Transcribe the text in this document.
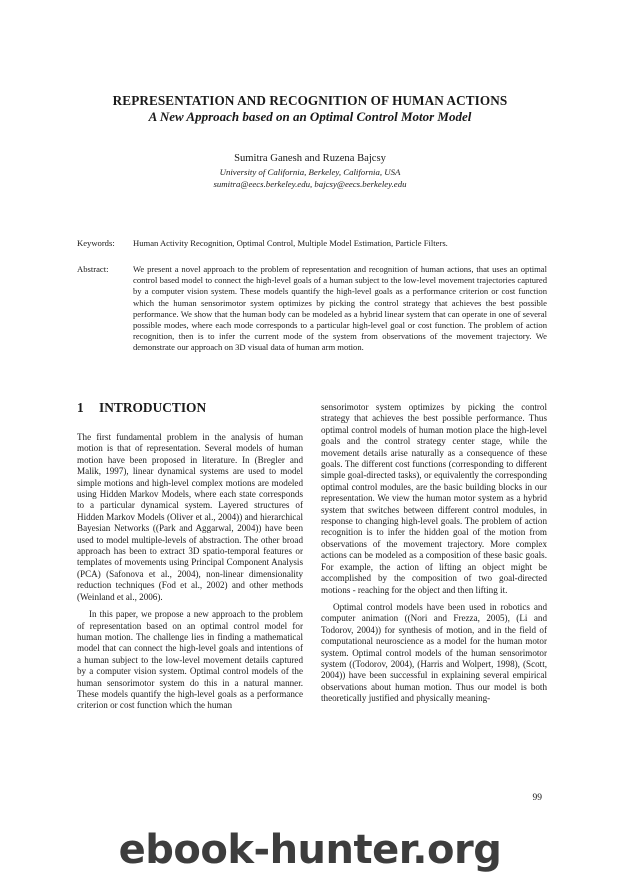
REPRESENTATION AND RECOGNITION OF HUMAN ACTIONS
A New Approach based on an Optimal Control Motor Model
Sumitra Ganesh and Ruzena Bajcsy
University of California, Berkeley, California, USA
sumitra@eecs.berkeley.edu, bajcsy@eecs.berkeley.edu
Keywords:	Human Activity Recognition, Optimal Control, Multiple Model Estimation, Particle Filters.
Abstract:	We present a novel approach to the problem of representation and recognition of human actions, that uses an optimal control based model to connect the high-level goals of a human subject to the low-level movement trajectories captured by a computer vision system. These models quantify the high-level goals as a performance criterion or cost function which the human sensorimotor system optimizes by picking the control strategy that achieves the best possible performance. We show that the human body can be modeled as a hybrid linear system that can operate in one of several possible modes, where each mode corresponds to a particular high-level goal or cost function. The problem of action recognition, then is to infer the current mode of the system from observations of the movement trajectory. We demonstrate our approach on 3D visual data of human arm motion.
1 INTRODUCTION

The first fundamental problem in the analysis of human motion is that of representation. Several models of human motion have been proposed in literature. In (Bregler and Malik, 1997), linear dynamical systems are used to model simple motions and high-level complex motions are modeled using Hidden Markov Models, where each state corresponds to a particular dynamical system. Layered structures of Hidden Markov Models (Oliver et al., 2004)) and hierarchical Bayesian Networks ((Park and Aggarwal, 2004)) have been used to model multiple-levels of abstraction. The other broad approach has been to extract 3D spatio-temporal features or templates of movements using Principal Component Analysis (PCA) (Safonova et al., 2004), non-linear dimensionality reduction techniques (Fod et al., 2002) and other methods (Weinland et al., 2006).

In this paper, we propose a new approach to the problem of representation based on an optimal control model for human motion. The challenge lies in finding a mathematical model that can connect the high-level goals and intentions of a human subject to the low-level movement details captured by a computer vision system. Optimal control models of the human sensorimotor system do this in a natural manner. These models quantify the high-level goals as a performance criterion or cost function which the human

sensorimotor system optimizes by picking the control strategy that achieves the best possible performance. Thus optimal control models of human motion place the high-level goals and the control strategy center stage, while the movement details arise naturally as a consequence of these goals. The different cost functions (corresponding to different simple goal-directed tasks), or equivalently the corresponding optimal control modules, are the basic building blocks in our representation. We view the human motor system as a hybrid system that switches between different control modules, in response to changing high-level goals. The problem of action recognition is to infer the hidden goal of the motion from observations of the movement trajectory. More complex actions can be modeled as a composition of these basic goals. For example, the action of lifting an object might be accomplished by the composition of two goal-directed motions - reaching for the object and then lifting it.

Optimal control models have been used in robotics and computer animation ((Nori and Frezza, 2005), (Li and Todorov, 2004)) for synthesis of motion, and in the field of computational neuroscience as a model for the human motor system. Optimal control models of the human sensorimotor system ((Todorov, 2004), (Harris and Wolpert, 1998), (Scott, 2004)) have been successful in explaining several empirical observations about human motion. Thus our model is both theoretically justified and physically meaning-

99
ebook-hunter.org
